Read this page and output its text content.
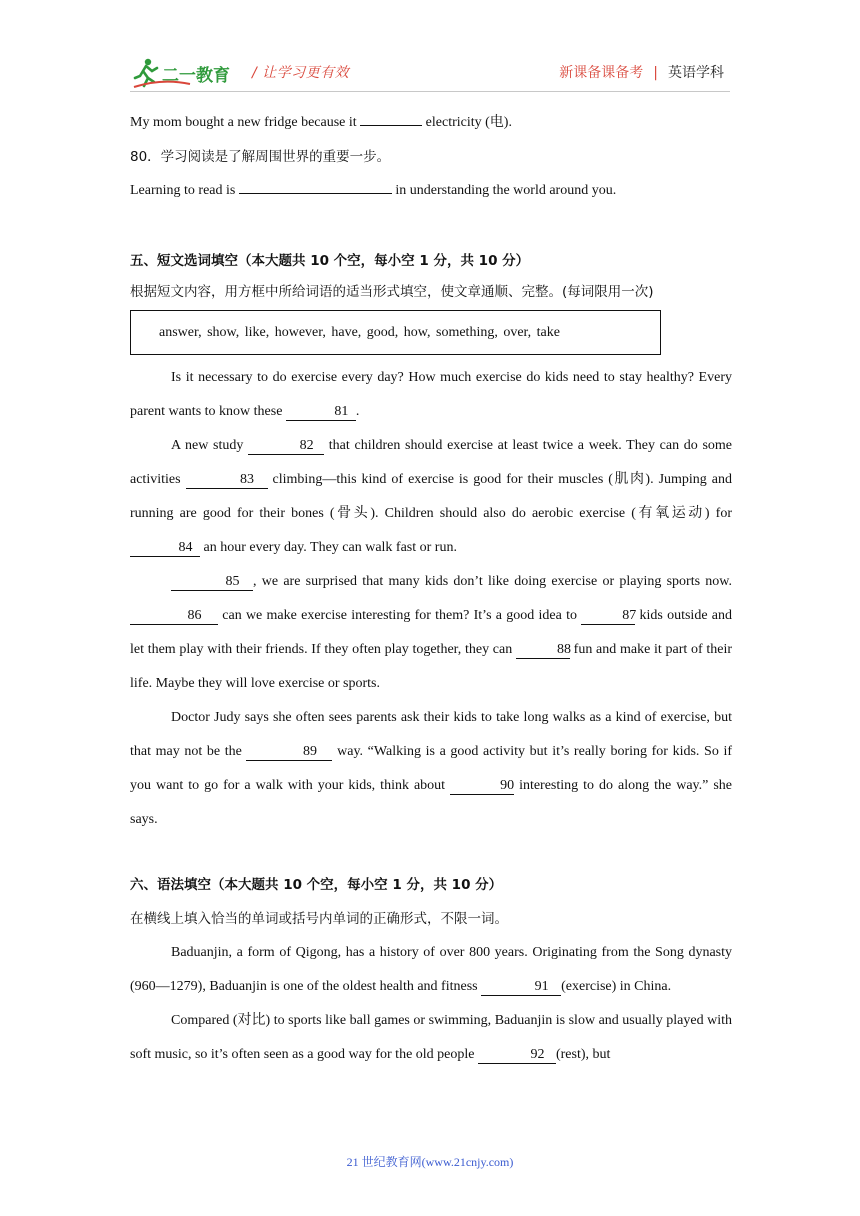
二一教育 / 让学习更有效	新课备课备考 | 英语学科
My mom bought a new fridge because it	electricity (电).
80．学习阅读是了解周围世界的重要一步。
Learning to read is	in understanding the world around you.
五、短文选词填空（本大题共 10 个空，每小空 1 分，共 10 分）
根据短文内容，用方框中所给词语的适当形式填空，使文章通顺、完整。(每词限用一次)
answer, show, like, however, have, good, how, something, over, take
Is it necessary to do exercise every day? How much exercise do kids need to stay healthy? Every parent wants to know these	81 .
A new study	82 that children should exercise at least twice a week. They can do some activities	83 climbing—this kind of exercise is good for their muscles (肌肉). Jumping and running are good for their bones (骨头). Children should also do aerobic exercise (有氧运动) for 84 an hour every day. They can walk fast or run.
85 , we are surprised that many kids don’t like doing exercise or playing sports now. 86 can we make exercise interesting for them? It’s a good idea to	87 kids outside and let them play with their friends. If they often play together, they can	88 fun and make it part of their life. Maybe they will love exercise or sports.
Doctor Judy says she often sees parents ask their kids to take long walks as a kind of exercise, but that may not be the	89 way. “Walking is a good activity but it’s really boring for kids. So if you want to go for a walk with your kids, think about	90 interesting to do along the way.” she says.
六、语法填空（本大题共 10 个空，每小空 1 分，共 10 分）
在横线上填入恰当的单词或括号内单词的正确形式，不限一词。
Baduanjin, a form of Qigong, has a history of over 800 years. Originating from the Song dynasty (960—1279), Baduanjin is one of the oldest health and fitness	91 (exercise) in China.
Compared (对比) to sports like ball games or swimming, Baduanjin is slow and usually played with soft music, so it’s often seen as a good way for the old people	92 (rest), but
21 世纪教育网(www.21cnjy.com)
